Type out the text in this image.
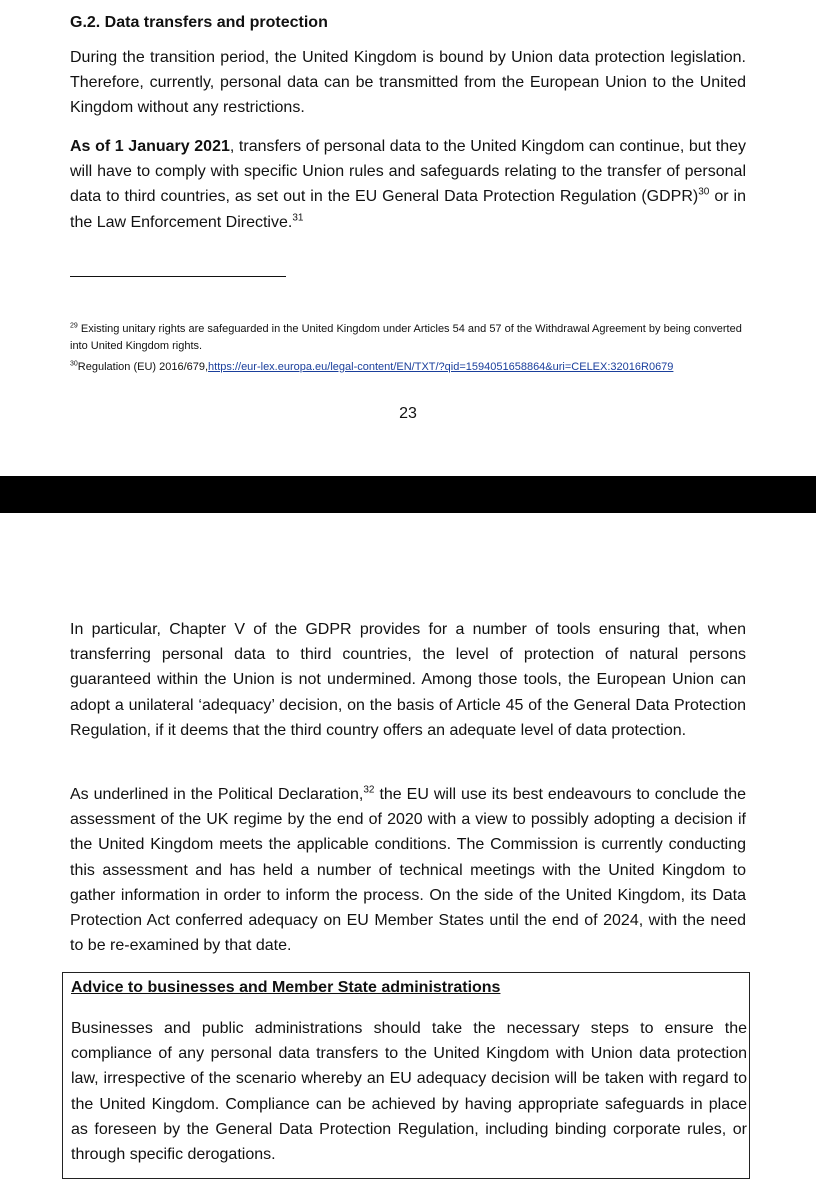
G.2. Data transfers and protection

During the transition period, the United Kingdom is bound by Union data protection legislation. Therefore, currently, personal data can be transmitted from the European Union to the United Kingdom without any restrictions.

As of 1 January 2021, transfers of personal data to the United Kingdom can continue, but they will have to comply with specific Union rules and safeguards relating to the transfer of personal data to third countries, as set out in the EU General Data Protection Regulation (GDPR)$^{30}$ or in the Law Enforcement Directive.$^{31}$

$^{29}$ Existing unitary rights are safeguarded in the United Kingdom under Articles 54 and 57 of the Withdrawal Agreement by being converted into United Kingdom rights.

$^{30}$Regulation (EU) 2016/679,https://eur-lex.europa.eu/legal-content/EN/TXT/?qid=1594051658864&uri=CELEX:32016R0679

23

In particular, Chapter V of the GDPR provides for a number of tools ensuring that, when transferring personal data to third countries, the level of protection of natural persons guaranteed within the Union is not undermined. Among those tools, the European Union can adopt a unilateral ‘adequacy’ decision, on the basis of Article 45 of the General Data Protection Regulation, if it deems that the third country offers an adequate level of data protection.

As underlined in the Political Declaration,$^{32}$ the EU will use its best endeavours to conclude the assessment of the UK regime by the end of 2020 with a view to possibly adopting a decision if the United Kingdom meets the applicable conditions. The Commission is currently conducting this assessment and has held a number of technical meetings with the United Kingdom to gather information in order to inform the process. On the side of the United Kingdom, its Data Protection Act conferred adequacy on EU Member States until the end of 2024, with the need to be re-examined by that date.

Advice to businesses and Member State administrations

Businesses and public administrations should take the necessary steps to ensure the compliance of any personal data transfers to the United Kingdom with Union data protection law, irrespective of the scenario whereby an EU adequacy decision will be taken with regard to the United Kingdom. Compliance can be achieved by having appropriate safeguards in place as foreseen by the General Data Protection Regulation, including binding corporate rules, or through specific derogations.
